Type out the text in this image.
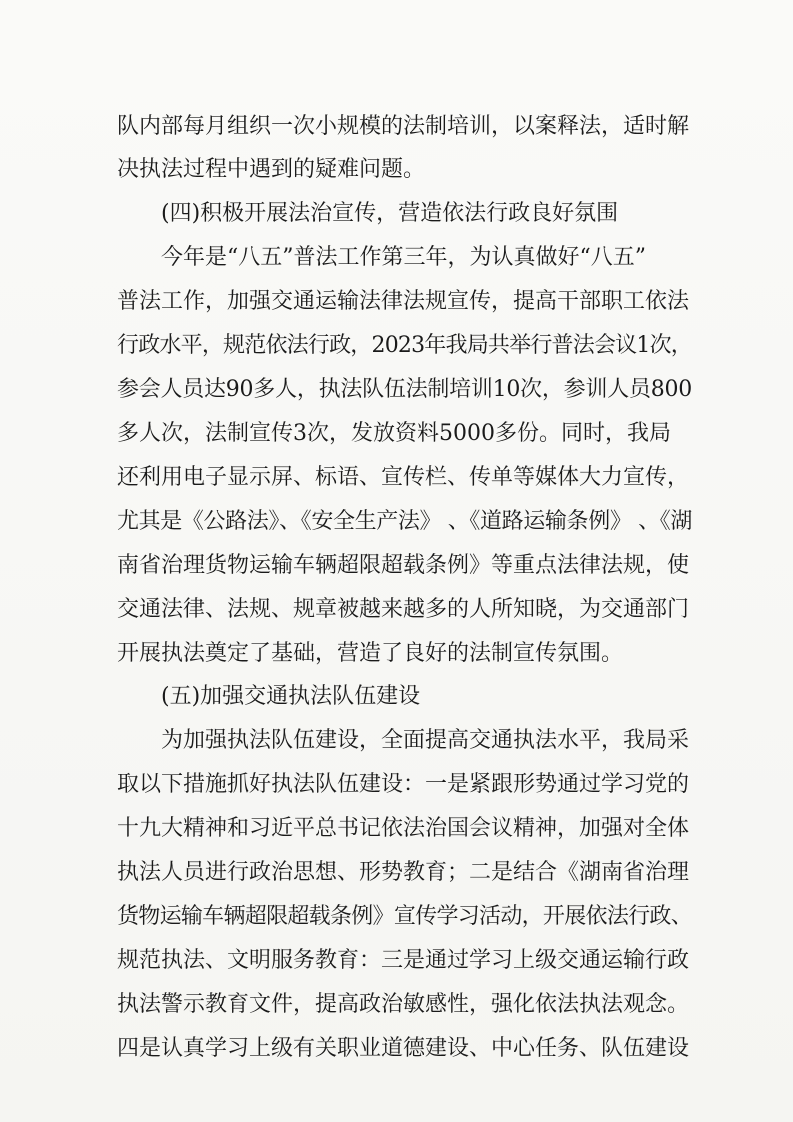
队内部每月组织一次小规模的法制培训，以案释法，适时解
决执法过程中遇到的疑难问题。
(四)积极开展法治宣传，营造依法行政良好氛围
今年是“八五”普法工作第三年，为认真做好“八五”
普法工作，加强交通运输法律法规宣传，提高干部职工依法
行政水平，规范依法行政，2023年我局共举行普法会议1次，
参会人员达90多人，执法队伍法制培训10次，参训人员800
多人次，法制宣传3次，发放资料5000多份。同时，我局
还利用电子显示屏、标语、宣传栏、传单等媒体大力宣传，
尤其是《公路法》、《安全生产法》 、《道路运输条例》 、《湖
南省治理货物运输车辆超限超载条例》等重点法律法规，使
交通法律、法规、规章被越来越多的人所知晓，为交通部门
开展执法奠定了基础，营造了良好的法制宣传氛围。
(五)加强交通执法队伍建设
为加强执法队伍建设，全面提高交通执法水平，我局采
取以下措施抓好执法队伍建设：一是紧跟形势通过学习党的
十九大精神和习近平总书记依法治国会议精神，加强对全体
执法人员进行政治思想、形势教育；二是结合《湖南省治理
货物运输车辆超限超载条例》宣传学习活动，开展依法行政、
规范执法、文明服务教育：三是通过学习上级交通运输行政
执法警示教育文件，提高政治敏感性，强化依法执法观念。
四是认真学习上级有关职业道德建设、中心任务、队伍建设
